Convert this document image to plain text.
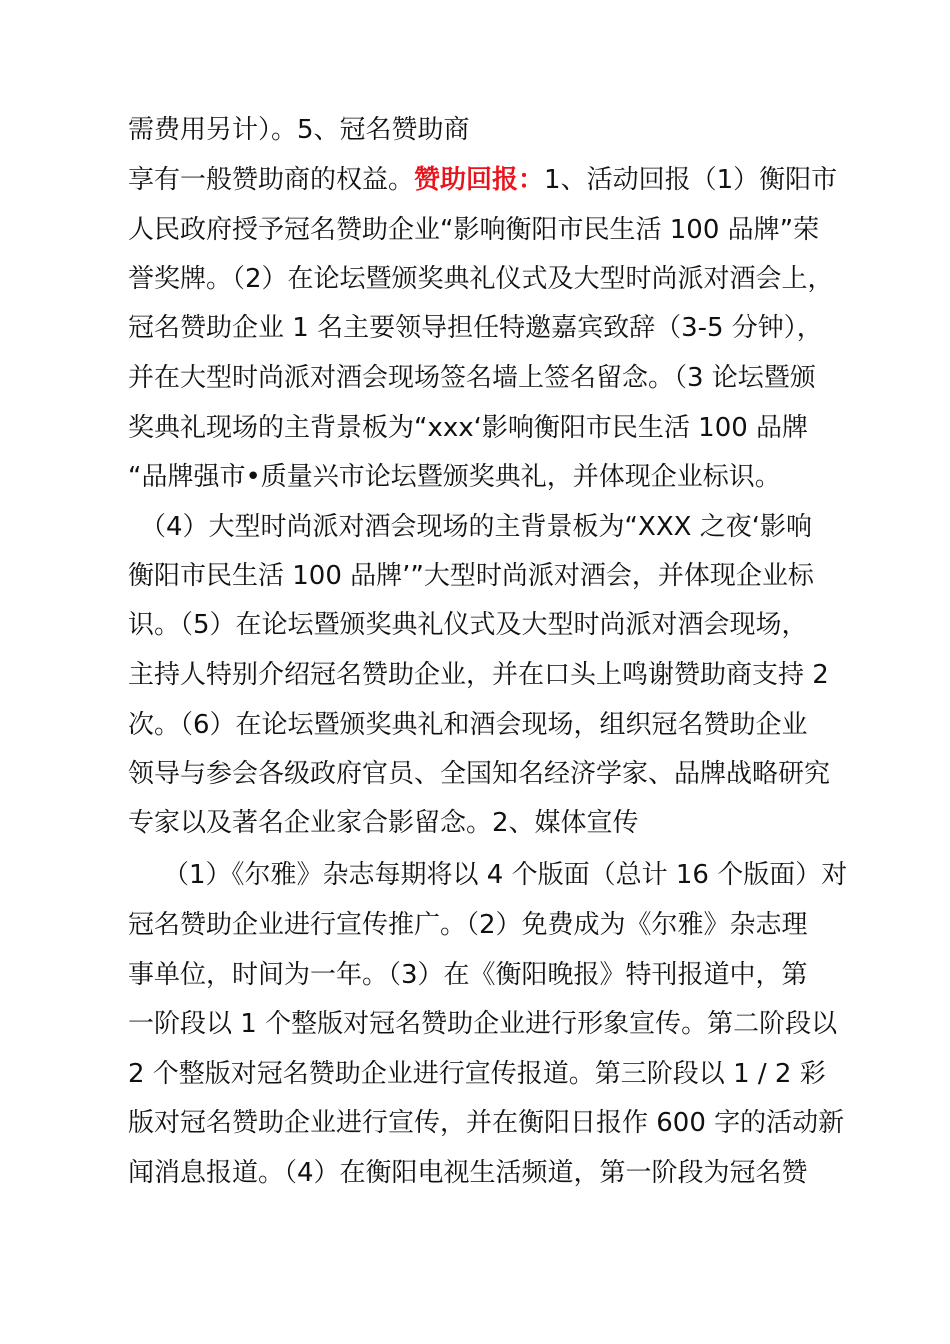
需费用另计）。5、冠名赞助商
享有一般赞助商的权益。赞助回报：1、活动回报（1）衡阳市
人民政府授予冠名赞助企业“影响衡阳市民生活 100 品牌”荣
誉奖牌。（2）在论坛暨颁奖典礼仪式及大型时尚派对酒会上，
冠名赞助企业 1 名主要领导担任特邀嘉宾致辞（3-5 分钟），
并在大型时尚派对酒会现场签名墙上签名留念。（3 论坛暨颁
奖典礼现场的主背景板为“xxx‘影响衡阳市民生活 100 品牌
“品牌强市•质量兴市论坛暨颁奖典礼，并体现企业标识。
（4）大型时尚派对酒会现场的主背景板为“XXX 之夜‘影响
衡阳市民生活 100 品牌’”大型时尚派对酒会，并体现企业标
识。（5）在论坛暨颁奖典礼仪式及大型时尚派对酒会现场，
主持人特别介绍冠名赞助企业，并在口头上鸣谢赞助商支持 2
次。（6）在论坛暨颁奖典礼和酒会现场，组织冠名赞助企业
领导与参会各级政府官员、全国知名经济学家、品牌战略研究
专家以及著名企业家合影留念。2、媒体宣传
（1）《尔雅》杂志每期将以 4 个版面（总计 16 个版面）对
冠名赞助企业进行宣传推广。（2）免费成为《尔雅》杂志理
事单位，时间为一年。（3）在《衡阳晚报》特刊报道中，第
一阶段以 1 个整版对冠名赞助企业进行形象宣传。第二阶段以
2 个整版对冠名赞助企业进行宣传报道。第三阶段以 1 / 2 彩
版对冠名赞助企业进行宣传，并在衡阳日报作 600 字的活动新
闻消息报道。（4）在衡阳电视生活频道，第一阶段为冠名赞
